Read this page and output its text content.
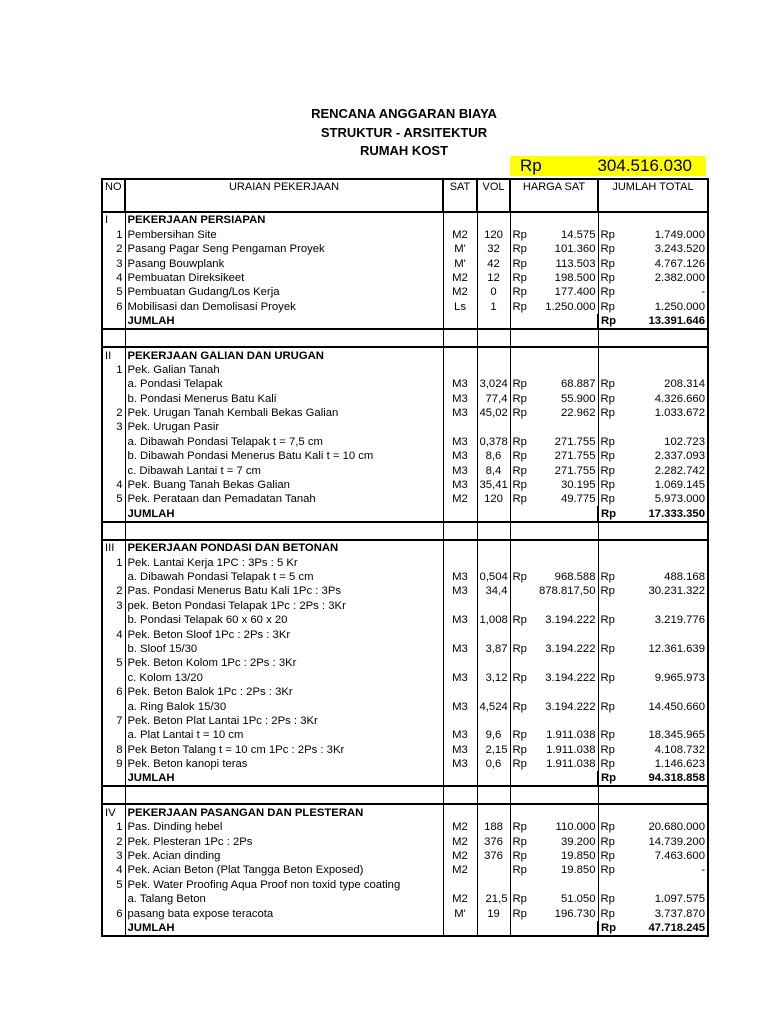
RENCANA ANGGARAN BIAYA
STRUKTUR - ARSITEKTUR
RUMAH KOST
Rp	304.516.030
NO	URAIAN PEKERJAAN	SAT	VOL	HARGA SAT	JUMLAH TOTAL
I	PEKERJAAN PERSIAPAN			

1	Pembersihan Site	M2	120	Rp 14.575	Rp 1.749.000

2	Pasang Pagar Seng Pengaman Proyek	M'	32	Rp 101.360	Rp 3.243.520

3	Pasang Bouwplank	M'	42	Rp 113.503	Rp 4.767.126

4	Pembuatan Direksikeet	M2	12	Rp 198.500	Rp 2.382.000

5	Pembuatan Gudang/Los Kerja	M2	0	Rp 177.400	Rp -

6	Mobilisasi dan Demolisasi Proyek	Ls	1	Rp 1.250.000	Rp 1.250.000

	JUMLAH				Rp 13.391.646

II	PEKERJAAN GALIAN DAN URUGAN			

1	Pek. Galian Tanah			

	a. Pondasi Telapak	M3	3,024	Rp 68.887	Rp 208.314

	b. Pondasi Menerus Batu Kali	M3	77,4	Rp 55.900	Rp 4.326.660

2	Pek. Urugan Tanah Kembali Bekas Galian	M3	45,02	Rp 22.962	Rp 1.033.672

3	Pek. Urugan Pasir			

	a. Dibawah Pondasi Telapak t = 7,5 cm	M3	0,378	Rp 271.755	Rp 102.723

	b. Dibawah Pondasi Menerus Batu Kali t = 10 cm	M3	8,6	Rp 271.755	Rp 2.337.093

	c. Dibawah Lantai t = 7 cm	M3	8,4	Rp 271.755	Rp 2.282.742

4	Pek. Buang Tanah Bekas Galian	M3	35,41	Rp 30.195	Rp 1.069.145

5	Pek. Perataan dan Pemadatan Tanah	M2	120	Rp 49.775	Rp 5.973.000

	JUMLAH				Rp 17.333.350

III	PEKERJAAN PONDASI DAN BETONAN			

1	Pek. Lantai Kerja 1PC : 3Ps : 5 Kr			

	a. Dibawah Pondasi Telapak t = 5 cm	M3	0,504	Rp 968.588	Rp 488.168

2	Pas. Pondasi Menerus Batu Kali 1Pc : 3Ps	M3	34,4	878.817,50	Rp 30.231.322

3	pek. Beton Pondasi Telapak 1Pc : 2Ps : 3Kr			

	b. Pondasi Telapak 60 x 60 x 20	M3	1,008	Rp 3.194.222	Rp 3.219.776

4	Pek. Beton Sloof 1Pc : 2Ps : 3Kr			

	b. Sloof 15/30	M3	3,87	Rp 3.194.222	Rp 12.361.639

5	Pek. Beton Kolom 1Pc : 2Ps : 3Kr			

	c. Kolom 13/20	M3	3,12	Rp 3.194.222	Rp 9.965.973

6	Pek. Beton Balok 1Pc : 2Ps : 3Kr			

	a. Ring Balok 15/30	M3	4,524	Rp 3.194.222	Rp 14.450.660

7	Pek. Beton Plat Lantai 1Pc : 2Ps : 3Kr			

	a. Plat Lantai t = 10 cm	M3	9,6	Rp 1.911.038	Rp 18.345.965

8	Pek Beton Talang t = 10 cm 1Pc : 2Ps : 3Kr	M3	2,15	Rp 1.911.038	Rp 4.108.732

9	Pek. Beton kanopi teras	M3	0,6	Rp 1.911.038	Rp 1.146.623

	JUMLAH				Rp 94.318.858

IV	PEKERJAAN PASANGAN DAN PLESTERAN			

1	Pas. Dinding hebel	M2	188	Rp 110.000	Rp 20.680.000

2	Pek. Plesteran 1Pc : 2Ps	M2	376	Rp 39.200	Rp 14.739.200

3	Pek. Acian dinding	M2	376	Rp 19.850	Rp 7.463.600

4	Pek. Acian Beton (Plat Tangga Beton Exposed)	M2		Rp 19.850	Rp -

5	Pek. Water Proofing Aqua Proof non toxid type coating			

	a. Talang Beton	M2	21,5	Rp 51.050	Rp 1.097.575

6	pasang bata expose teracota	M'	19	Rp 196.730	Rp 3.737.870

	JUMLAH				Rp 47.718.245
